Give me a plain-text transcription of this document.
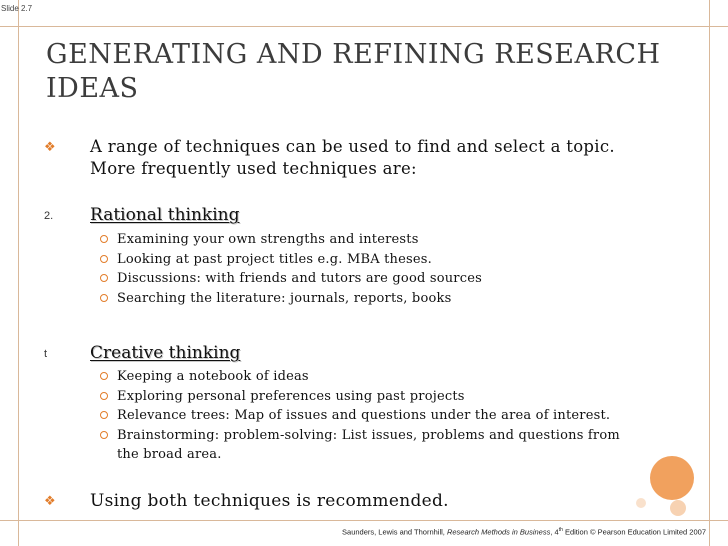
Slide 2.7
GENERATING AND REFINING RESEARCH IDEAS
❖ A range of techniques can be used to find and select a topic. More frequently used techniques are:
2. Rational thinking
Examining your own strengths and interests
Looking at past project titles e.g. MBA theses.
Discussions: with friends and tutors are good sources
Searching the literature: journals, reports, books
t	Creative thinking
Keeping a notebook of ideas
Exploring personal preferences using past projects
Relevance trees: Map of issues and questions under the area of interest.
Brainstorming: problem-solving: List issues, problems and questions from the broad area.
❖ Using both techniques is recommended.
Saunders, Lewis and Thornhill, Research Methods in Business, 4th Edition © Pearson Education Limited 2007
